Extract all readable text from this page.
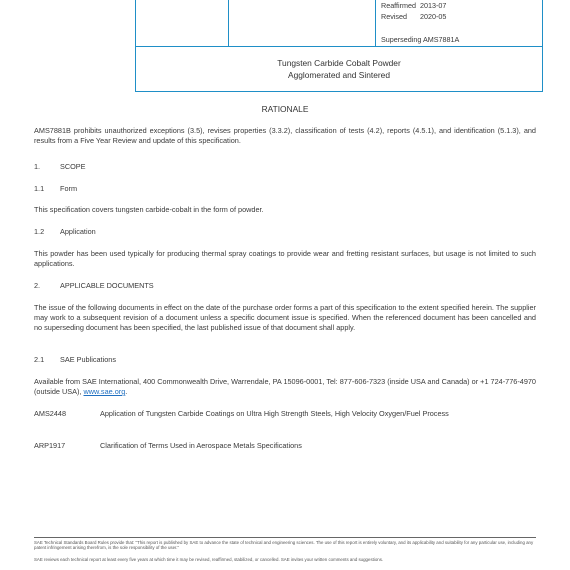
Reaffirmed 2013-07
Revised 2020-05
Superseding AMS7881A
Tungsten Carbide Cobalt Powder
Agglomerated and Sintered
RATIONALE
AMS7881B prohibits unauthorized exceptions (3.5), revises properties (3.3.2), classification of tests (4.2), reports (4.5.1), and identification (5.1.3), and results from a Five Year Review and update of this specification.
1.	SCOPE
1.1 Form
This specification covers tungsten carbide-cobalt in the form of powder.
1.2 Application
This powder has been used typically for producing thermal spray coatings to provide wear and fretting resistant surfaces, but usage is not limited to such applications.
2.	APPLICABLE DOCUMENTS
The issue of the following documents in effect on the date of the purchase order forms a part of this specification to the extent specified herein. The supplier may work to a subsequent revision of a document unless a specific document issue is specified. When the referenced document has been cancelled and no superseding document has been specified, the last published issue of that document shall apply.
2.1 SAE Publications
Available from SAE International, 400 Commonwealth Drive, Warrendale, PA 15096-0001, Tel: 877-606-7323 (inside USA and Canada) or +1 724-776-4970 (outside USA), www.sae.org.
AMS2448	Application of Tungsten Carbide Coatings on Ultra High Strength Steels, High Velocity Oxygen/Fuel Process
ARP1917	Clarification of Terms Used in Aerospace Metals Specifications
SAE Technical Standards Board Rules provide that: "This report is published by SAE to advance the state of technical and engineering sciences. The use of this report is entirely voluntary, and its applicability and suitability for any particular use, including any patent infringement arising therefrom, is the sole responsibility of the user."
SAE reviews each technical report at least every five years at which time it may be revised, reaffirmed, stabilized, or cancelled. SAE invites your written comments and suggestions.
